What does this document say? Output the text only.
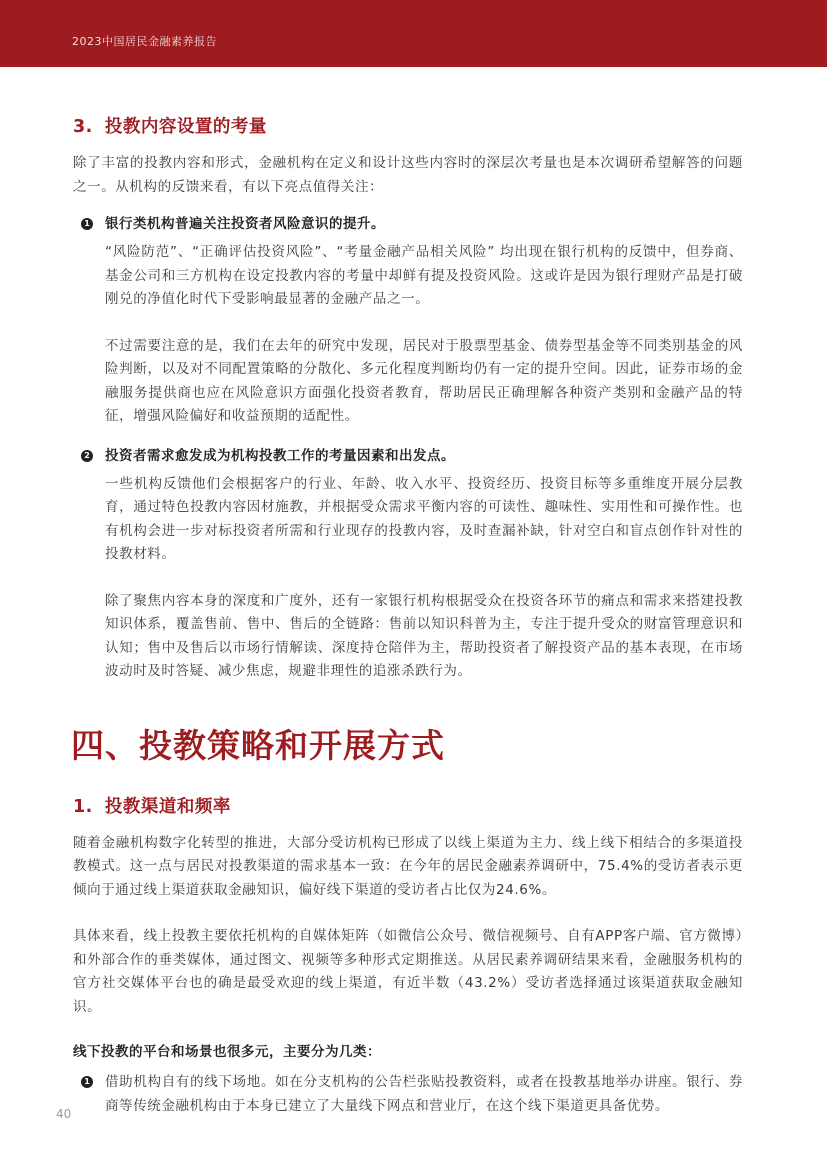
2023中国居民金融素养报告
3. 投教内容设置的考量

除了丰富的投教内容和形式，金融机构在定义和设计这些内容时的深层次考量也是本次调研希望解答的问题之一。从机构的反馈来看，有以下亮点值得关注：

1 银行类机构普遍关注投资者风险意识的提升。

“风险防范”、“正确评估投资风险”、“考量金融产品相关风险” 均出现在银行机构的反馈中，但券商、基金公司和三方机构在设定投教内容的考量中却鲜有提及投资风险。这或许是因为银行理财产品是打破刚兑的净值化时代下受影响最显著的金融产品之一。

不过需要注意的是，我们在去年的研究中发现，居民对于股票型基金、债券型基金等不同类别基金的风险判断，以及对不同配置策略的分散化、多元化程度判断均仍有一定的提升空间。因此，证券市场的金融服务提供商也应在风险意识方面强化投资者教育，帮助居民正确理解各种资产类别和金融产品的特征，增强风险偏好和收益预期的适配性。

2 投资者需求愈发成为机构投教工作的考量因素和出发点。

一些机构反馈他们会根据客户的行业、年龄、收入水平、投资经历、投资目标等多重维度开展分层教育，通过特色投教内容因材施教，并根据受众需求平衡内容的可读性、趣味性、实用性和可操作性。也有机构会进一步对标投资者所需和行业现存的投教内容，及时查漏补缺，针对空白和盲点创作针对性的投教材料。

除了聚焦内容本身的深度和广度外，还有一家银行机构根据受众在投资各环节的痛点和需求来搭建投教知识体系，覆盖售前、售中、售后的全链路：售前以知识科普为主，专注于提升受众的财富管理意识和认知；售中及售后以市场行情解读、深度持仓陪伴为主，帮助投资者了解投资产品的基本表现，在市场波动时及时答疑、减少焦虑，规避非理性的追涨杀跌行为。

四、投教策略和开展方式
1. 投教渠道和频率

随着金融机构数字化转型的推进，大部分受访机构已形成了以线上渠道为主力、线上线下相结合的多渠道投教模式。这一点与居民对投教渠道的需求基本一致：在今年的居民金融素养调研中，75.4%的受访者表示更倾向于通过线上渠道获取金融知识，偏好线下渠道的受访者占比仅为24.6%。

具体来看，线上投教主要依托机构的自媒体矩阵（如微信公众号、微信视频号、自有APP客户端、官方微博）和外部合作的垂类媒体，通过图文、视频等多种形式定期推送。从居民素养调研结果来看，金融服务机构的官方社交媒体平台也的确是最受欢迎的线上渠道，有近半数（43.2%）受访者选择通过该渠道获取金融知识。

线下投教的平台和场景也很多元，主要分为几类：
1 借助机构自有的线下场地。如在分支机构的公告栏张贴投教资料，或者在投教基地举办讲座。银行、券商等传统金融机构由于本身已建立了大量线下网点和营业厅，在这个线下渠道更具备优势。

40
